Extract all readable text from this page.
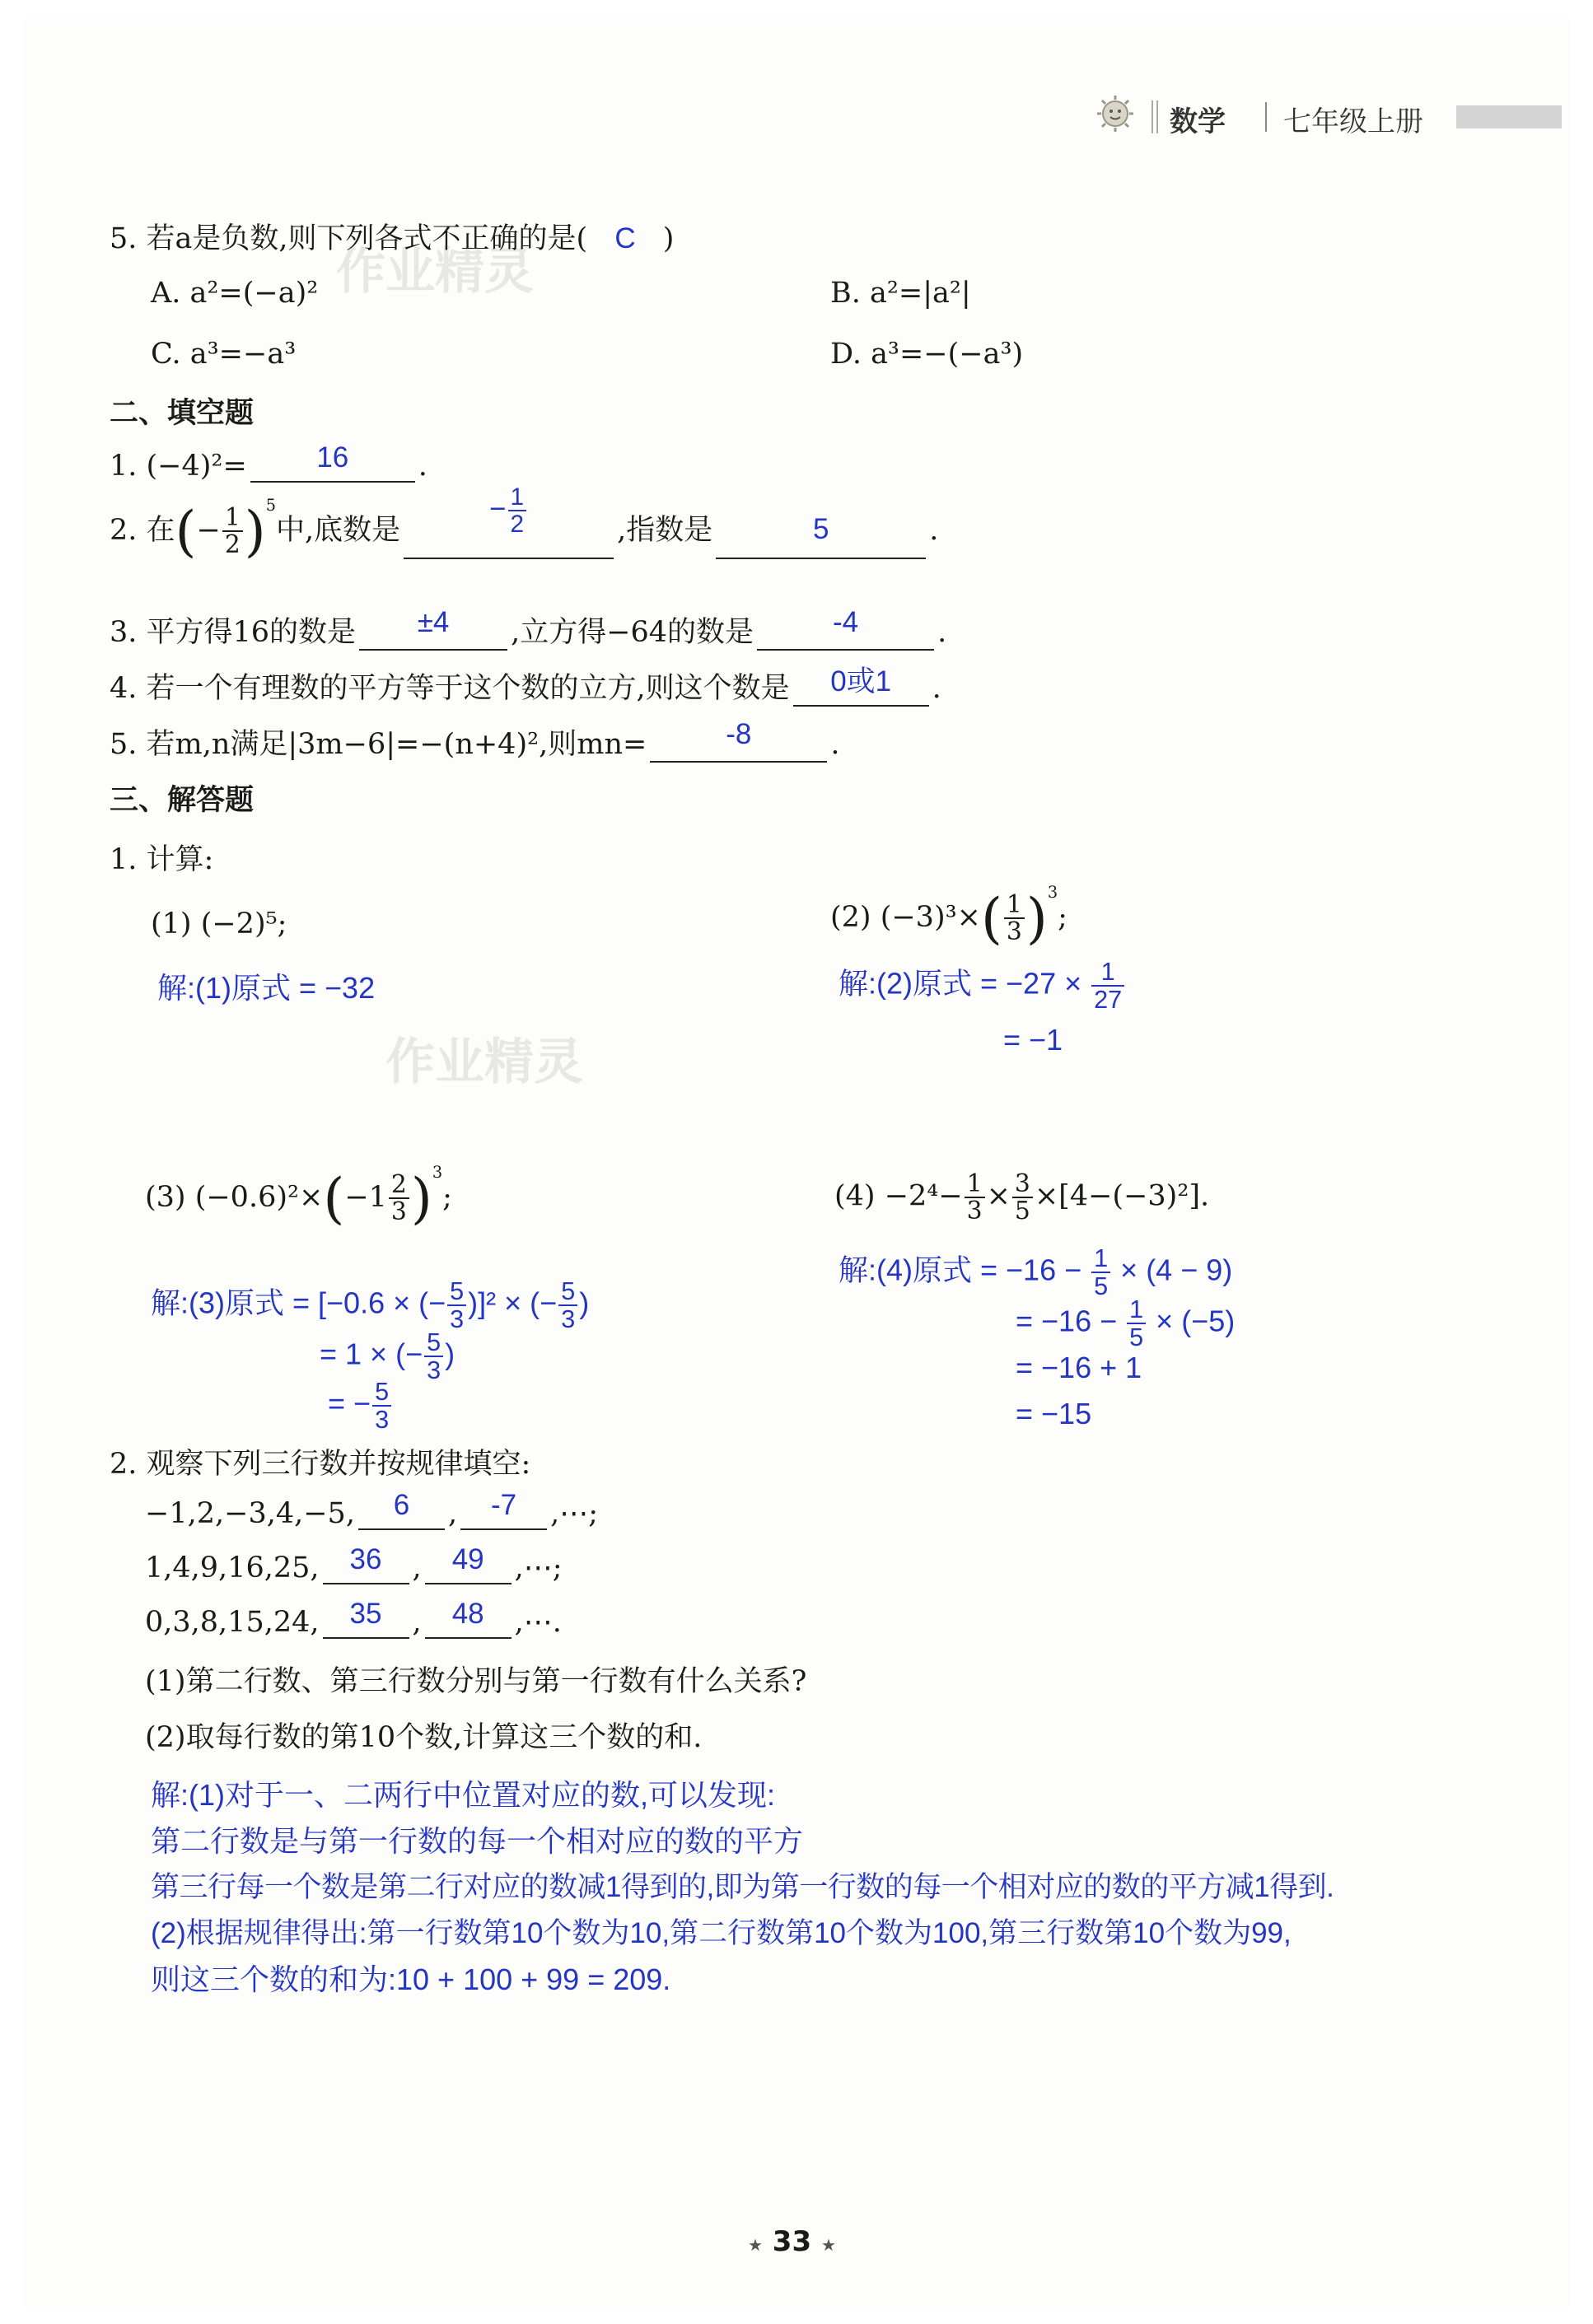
数学 七年级上册
作业精灵
作业精灵
5. 若a是负数,则下列各式不正确的是( C )
A. a²=(−a)²	B. a²=|a²|
C. a³=−a³	D. a³=−(−a³)
二、填空题
1. (−4)²=	16	.
2. 在(− $\frac{1}{2} )^5$中,底数是
− $\frac{1}{2}$	,指数是	5	.
3. 平方得16的数是	±4	,立方得−64的数是	-4	.
4. 若一个有理数的平方等于这个数的立方,则这个数是	0或1	.
5. 若m,n满足|3m−6|=−(n+4)²,则mn=	-8	.
三、解答题
1. 计算:
(1) (−2)⁵;
解:(1)原式 = −32
(2) $(-3)^3\times( \frac{1}{3} )^3$;
解:(2)原式 = $-27 \times \frac{1}{27}$
= −1
(3) $(-0.6)^2\times(-1 \frac{2}{3} )^3$;
解:(3)原式 = [−0.6 × (− $\frac{5}{3} )]^2$ × (− $\frac{5}{3}$ )
= 1 × (− $\frac{5}{3}$ )
= − $\frac{5}{3}$
$(4) -2^4- \frac{1}{3} \times \frac{3}{5} \times[4-(-3)^2]$.
解:(4)原式 = $-16 - \frac{1}{5} \times (4 - 9)$
= $-16 - \frac{1}{5} \times (-5)$
= −16 + 1
= −15
2. 观察下列三行数并按规律填空:
−1,2,−3,4,−5,	6	,	-7	,⋯;
1,4,9,16,25,	36	,	49	,⋯;
0,3,8,15,24,	35	,	48	,⋯.
(1)第二行数、第三行数分别与第一行数有什么关系?
(2)取每行数的第10个数,计算这三个数的和.
解:(1)对于一、二两行中位置对应的数,可以发现:
第二行数是与第一行数的每一个相对应的数的平方
第三行每一个数是第二行对应的数减1得到的,即为第一行数的每一个相对应的数的平方减1得到.
(2)根据规律得出:第一行数第10个数为10,第二行数第10个数为100,第三行数第10个数为99,
则这三个数的和为:10 + 100 + 99 = 209.
★ 33 ★
